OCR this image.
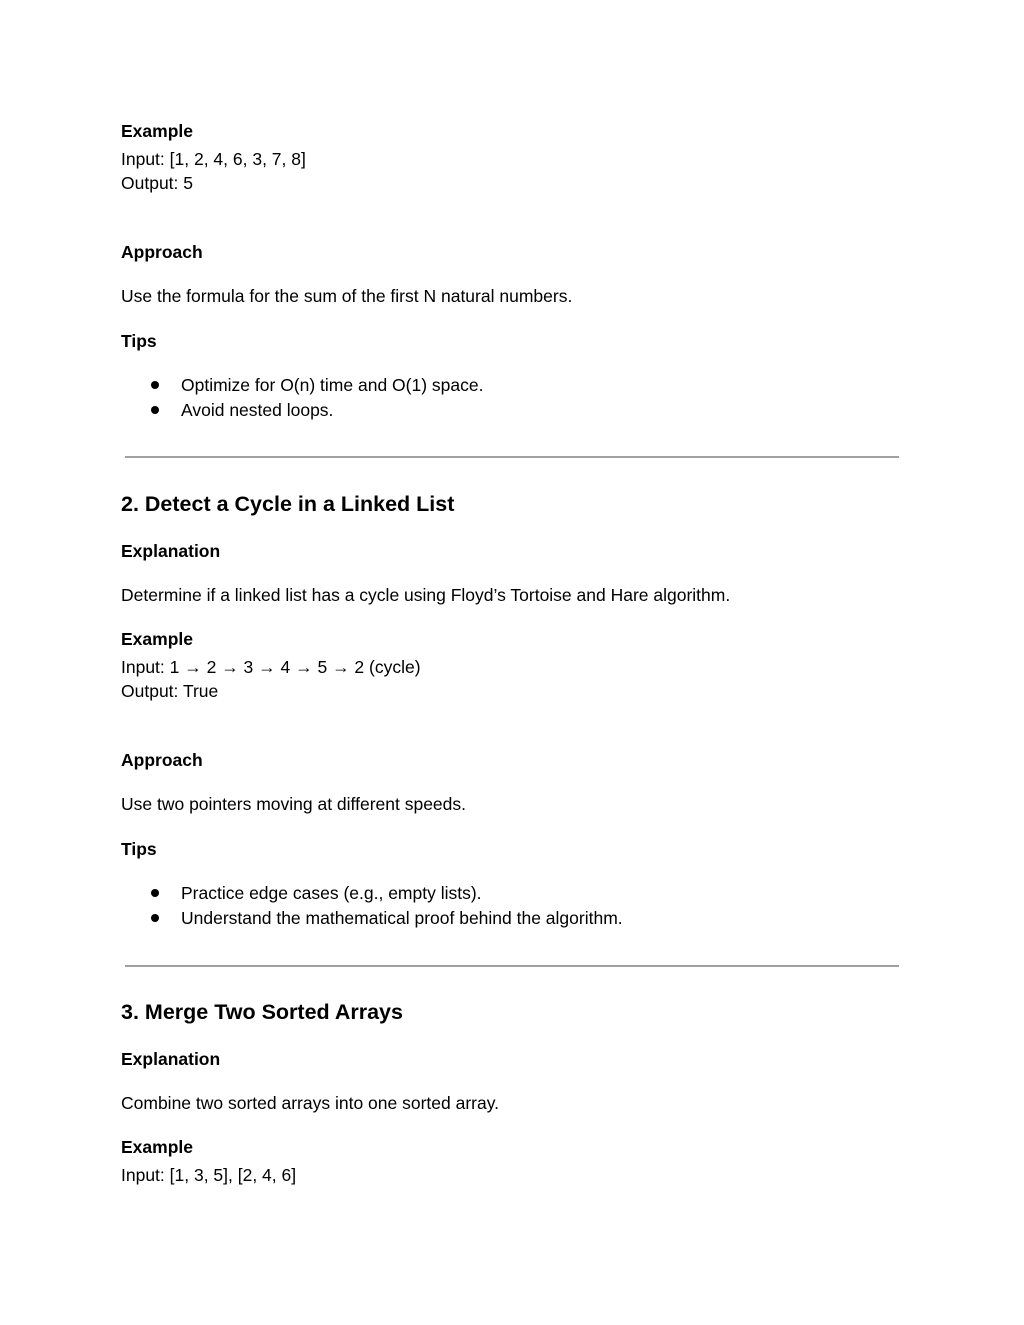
Example
Input: [1, 2, 4, 6, 3, 7, 8]
Output: 5
Approach
Use the formula for the sum of the first N natural numbers.
Tips
Optimize for O(n) time and O(1) space.
Avoid nested loops.
2. Detect a Cycle in a Linked List
Explanation
Determine if a linked list has a cycle using Floyd’s Tortoise and Hare algorithm.
Example
Input: 1 → 2 → 3 → 4 → 5 → 2 (cycle)
Output: True
Approach
Use two pointers moving at different speeds.
Tips
Practice edge cases (e.g., empty lists).
Understand the mathematical proof behind the algorithm.
3. Merge Two Sorted Arrays
Explanation
Combine two sorted arrays into one sorted array.
Example
Input: [1, 3, 5], [2, 4, 6]
